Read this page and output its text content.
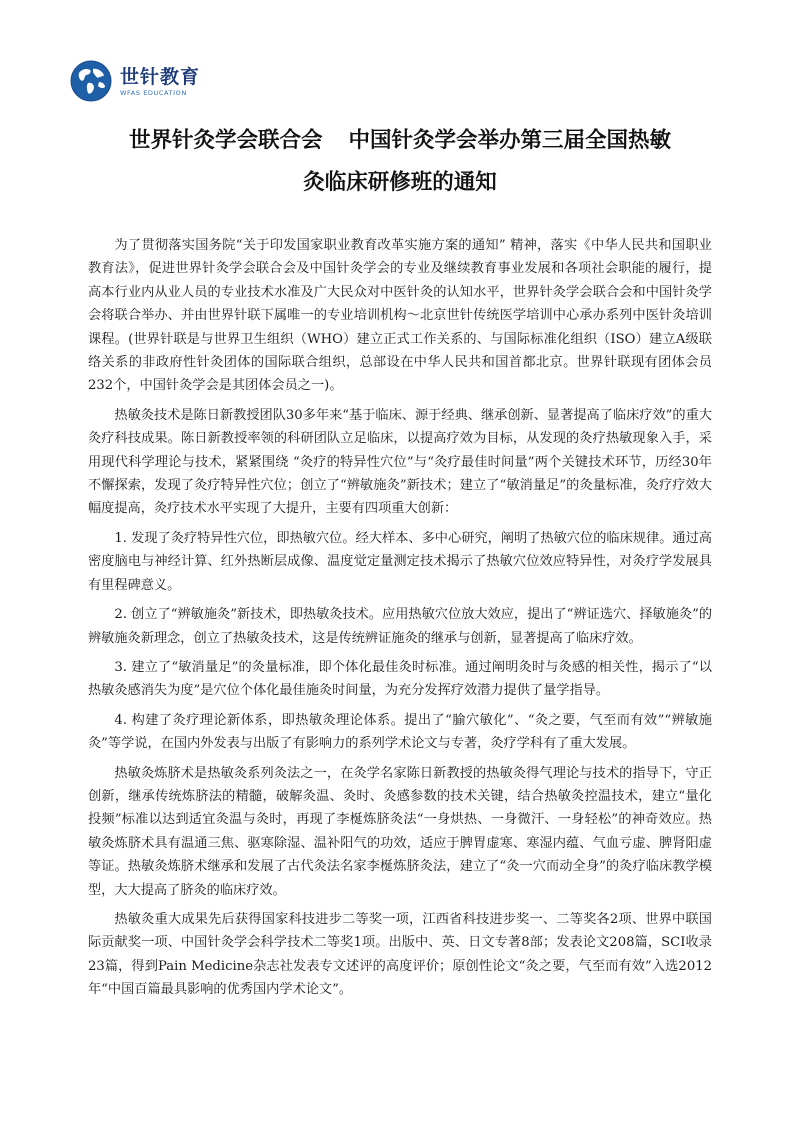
世针教育
WFAS EDUCATION
世界针灸学会联合会 中国针灸学会举办第三届全国热敏
灸临床研修班的通知

为了贯彻落实国务院“关于印发国家职业教育改革实施方案的通知” 精神，落实《中华人民共和国职业教育法》，促进世界针灸学会联合会及中国针灸学会的专业及继续教育事业发展和各项社会职能的履行，提高本行业内从业人员的专业技术水准及广大民众对中医针灸的认知水平，世界针灸学会联合会和中国针灸学会将联合举办、并由世界针联下属唯一的专业培训机构～北京世针传统医学培训中心承办系列中医针灸培训课程。(世界针联是与世界卫生组织（WHO）建立正式工作关系的、与国际标准化组织（ISO）建立A级联络关系的非政府性针灸团体的国际联合组织，总部设在中华人民共和国首都北京。世界针联现有团体会员232个，中国针灸学会是其团体会员之一)。

热敏灸技术是陈日新教授团队30多年来“基于临床、源于经典、继承创新、显著提高了临床疗效”的重大灸疗科技成果。陈日新教授率领的科研团队立足临床，以提高疗效为目标，从发现的灸疗热敏现象入手，采用现代科学理论与技术，紧紧围绕 “灸疗的特异性穴位”与“灸疗最佳时间量”两个关键技术环节，历经30年不懈探索，发现了灸疗特异性穴位；创立了“辨敏施灸”新技术；建立了“敏消量足”的灸量标准，灸疗疗效大幅度提高，灸疗技术水平实现了大提升，主要有四项重大创新：

1. 发现了灸疗特异性穴位，即热敏穴位。经大样本、多中心研究，阐明了热敏穴位的临床规律。通过高密度脑电与神经计算、红外热断层成像、温度觉定量测定技术揭示了热敏穴位效应特异性，对灸疗学发展具有里程碑意义。

2. 创立了“辨敏施灸”新技术，即热敏灸技术。应用热敏穴位放大效应，提出了“辨证选穴、择敏施灸”的辨敏施灸新理念，创立了热敏灸技术，这是传统辨证施灸的继承与创新，显著提高了临床疗效。

3. 建立了“敏消量足”的灸量标准，即个体化最佳灸时标准。通过阐明灸时与灸感的相关性，揭示了“以热敏灸感消失为度”是穴位个体化最佳施灸时间量，为充分发挥疗效潜力提供了量学指导。

4. 构建了灸疗理论新体系，即热敏灸理论体系。提出了“腧穴敏化”、“灸之要，气至而有效”“辨敏施灸”等学说，在国内外发表与出版了有影响力的系列学术论文与专著，灸疗学科有了重大发展。

热敏灸炼脐术是热敏灸系列灸法之一，在灸学名家陈日新教授的热敏灸得气理论与技术的指导下，守正创新，继承传统炼脐法的精髓，破解灸温、灸时、灸感参数的技术关键，结合热敏灸控温技术，建立“量化投频”标准以达到适宜灸温与灸时，再现了李梴炼脐灸法“一身烘热、一身微汗、一身轻松”的神奇效应。热敏灸炼脐术具有温通三焦、驱寒除湿、温补阳气的功效，适应于脾胃虚寒、寒湿内蕴、气血亏虚、脾肾阳虚等证。热敏灸炼脐术继承和发展了古代灸法名家李梴炼脐灸法，建立了“灸一穴而动全身”的灸疗临床教学模型，大大提高了脐灸的临床疗效。

热敏灸重大成果先后获得国家科技进步二等奖一项，江西省科技进步奖一、二等奖各2项、世界中联国际贡献奖一项、中国针灸学会科学技术二等奖1项。出版中、英、日文专著8部；发表论文208篇，SCI收录23篇，得到Pain Medicine杂志社发表专文述评的高度评价；原创性论文“灸之要，气至而有效”入选2012年“中国百篇最具影响的优秀国内学术论文”。
